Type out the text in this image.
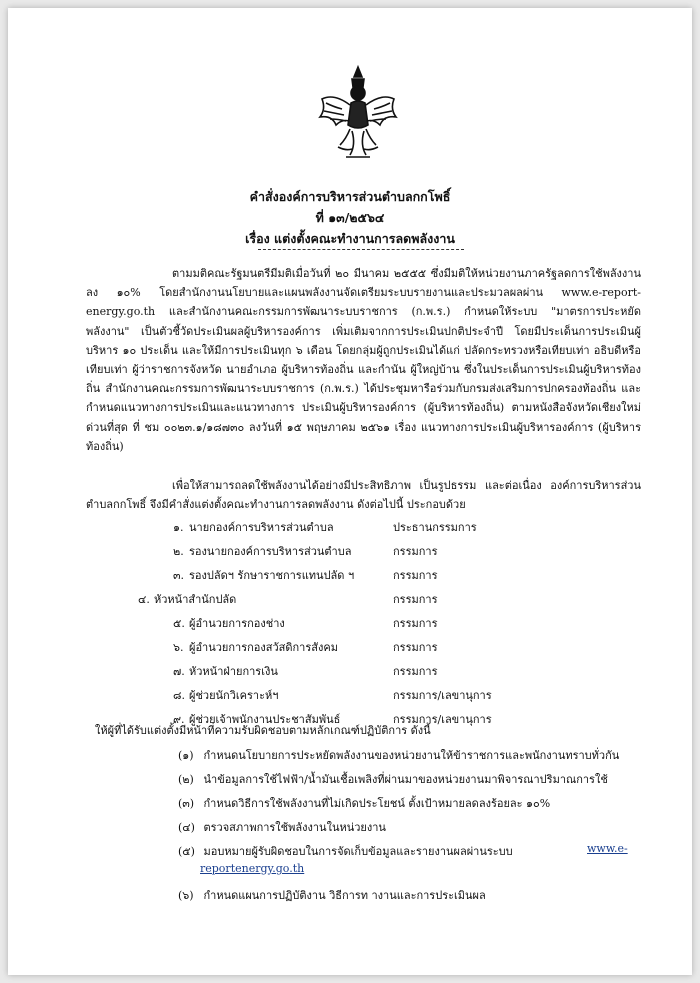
คำสั่งองค์การบริหารส่วนตำบลกกโพธิ์
ที่ ๑๓/๒๕๖๔
เรื่อง แต่งตั้งคณะทำงานการลดพลังงาน

ตามมติคณะรัฐมนตรีมีมติเมื่อวันที่ ๒๐ มีนาคม ๒๕๕๕ ซึ่งมีมติให้หน่วยงานภาครัฐลดการใช้พลังงานลง ๑๐% โดยสำนักงานนโยบายและแผนพลังงานจัดเตรียมระบบรายงานและประมวลผลผ่าน www.e-report-energy.go.th และสำนักงานคณะกรรมการพัฒนาระบบราชการ (ก.พ.ร.) กำหนดให้ระบบ "มาตรการประหยัดพลังงาน" เป็นตัวชี้วัดประเมินผลผู้บริหารองค์การ เพิ่มเติมจากการประเมินปกติประจำปี โดยมีประเด็นการประเมินผู้บริหาร ๑๐ ประเด็น และให้มีการประเมินทุก ๖ เดือน โดยกลุ่มผู้ถูกประเมินได้แก่ ปลัดกระทรวงหรือเทียบเท่า อธิบดีหรือเทียบเท่า ผู้ว่าราชการจังหวัด นายอำเภอ ผู้บริหารท้องถิ่น และกำนัน ผู้ใหญ่บ้าน ซึ่งในประเด็นการประเมินผู้บริหารท้องถิ่น สำนักงานคณะกรรมการพัฒนาระบบราชการ (ก.พ.ร.) ได้ประชุมหารือร่วมกับกรมส่งเสริมการปกครองท้องถิ่น และกำหนดแนวทางการประเมินและแนวทางการ ประเมินผู้บริหารองค์การ (ผู้บริหารท้องถิ่น) ตามหนังสือจังหวัดเชียงใหม่ ด่วนที่สุด ที่ ชม ๐๐๒๓.๑/๑๘๗๓๐ ลงวันที่ ๑๕ พฤษภาคม ๒๕๖๑ เรื่อง แนวทางการประเมินผู้บริหารองค์การ (ผู้บริหารท้องถิ่น)

เพื่อให้สามารถลดใช้พลังงานได้อย่างมีประสิทธิภาพ เป็นรูปธรรม และต่อเนื่อง องค์การบริหารส่วนตำบลกกโพธิ์ จึงมีคำสั่งแต่งตั้งคณะทำงานการลดพลังงาน ดังต่อไปนี้ ประกอบด้วย

๑. นายกองค์การบริหารส่วนตำบล	ประธานกรรมการ
๒. รองนายกองค์การบริหารส่วนตำบล	กรรมการ
๓. รองปลัดฯ รักษาราชการแทนปลัด ฯ	กรรมการ
๔. หัวหน้าสำนักปลัด	กรรมการ
๕. ผู้อำนวยการกองช่าง	กรรมการ
๖. ผู้อำนวยการกองสวัสดิการสังคม	กรรมการ
๗. หัวหน้าฝ่ายการเงิน	กรรมการ
๘. ผู้ช่วยนักวิเคราะห์ฯ	กรรมการ/เลขานุการ
๙. ผู้ช่วยเจ้าพนักงานประชาสัมพันธ์	กรรมการ/เลขานุการ
ให้ผู้ที่ได้รับแต่งตั้งมีหน้าที่ความรับผิดชอบตามหลักเกณฑ์ปฏิบัติการ ดังนี้
(๑) กำหนดนโยบายการประหยัดพลังงานของหน่วยงานให้ข้าราชการและพนักงานทราบทั่วกัน
(๒) นำข้อมูลการใช้ไฟฟ้า/น้ำมันเชื้อเพลิงที่ผ่านมาของหน่วยงานมาพิจารณาปริมาณการใช้
(๓) กำหนดวิธีการใช้พลังงานที่ไม่เกิดประโยชน์ ตั้งเป้าหมายลดลงร้อยละ ๑๐%
(๔) ตรวจสภาพการใช้พลังงานในหน่วยงาน
(๕) มอบหมายผู้รับผิดชอบในการจัดเก็บข้อมูลและรายงานผลผ่านระบบ	www.e-
reportenergy.go.th
(๖) กำหนดแผนการปฏิบัติงาน วิธีการท างานและการประเมินผล
